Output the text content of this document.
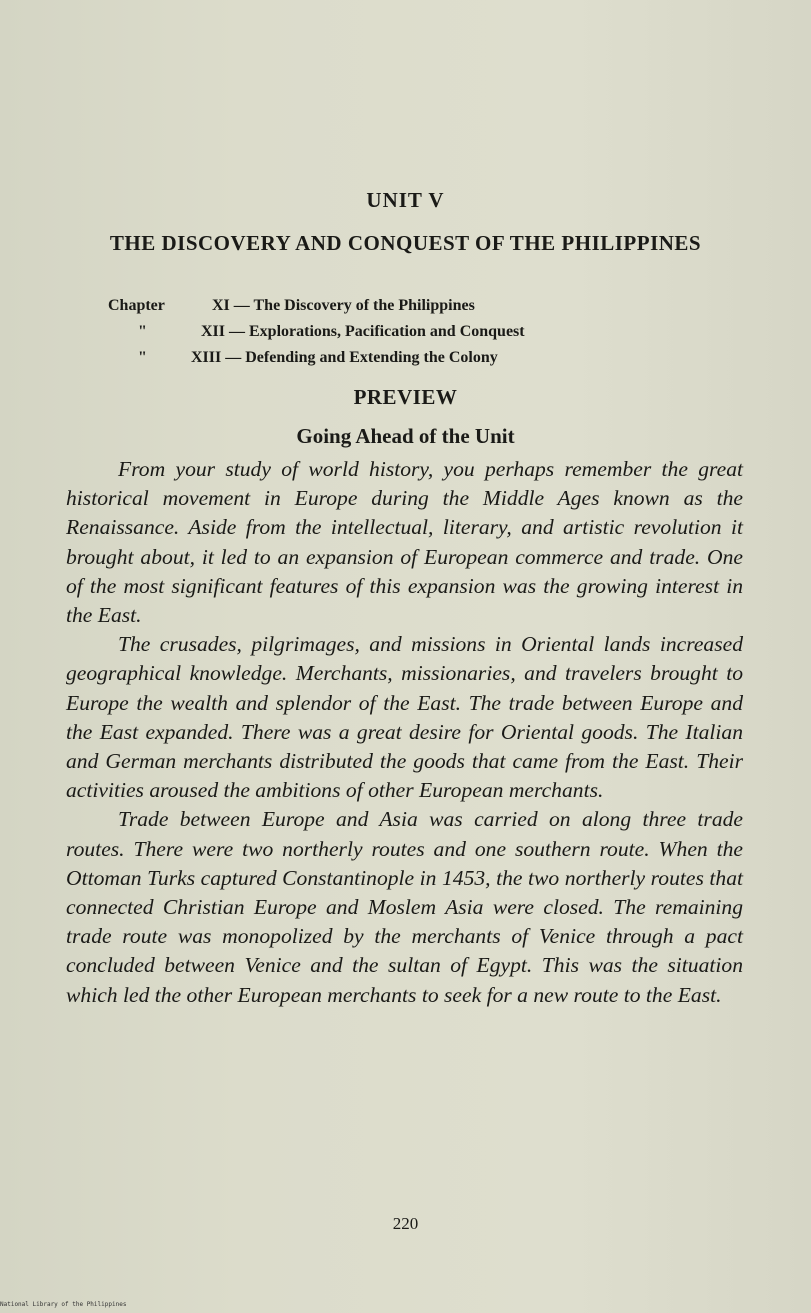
UNIT V
THE DISCOVERY AND CONQUEST OF THE PHILIPPINES
Chapter	XI — The Discovery of the Philippines
"	XII — Explorations, Pacification and Conquest
"	XIII — Defending and Extending the Colony
PREVIEW
Going Ahead of the Unit

From your study of world history, you perhaps remember the great historical movement in Europe during the Middle Ages known as the Renaissance. Aside from the intellectual, literary, and artistic revolution it brought about, it led to an expansion of European commerce and trade. One of the most significant features of this expansion was the growing interest in the East.

The crusades, pilgrimages, and missions in Oriental lands increased geographical knowledge. Merchants, missionaries, and travelers brought to Europe the wealth and splendor of the East. The trade between Europe and the East expanded. There was a great desire for Oriental goods. The Italian and German merchants distributed the goods that came from the East. Their activities aroused the ambitions of other European merchants.

Trade between Europe and Asia was carried on along three trade routes. There were two northerly routes and one southern route. When the Ottoman Turks captured Constantinople in 1453, the two northerly routes that connected Christian Europe and Moslem Asia were closed. The remaining trade route was monopolized by the merchants of Venice through a pact concluded between Venice and the sultan of Egypt. This was the situation which led the other European merchants to seek for a new route to the East.

220
National Library of the Philippines
